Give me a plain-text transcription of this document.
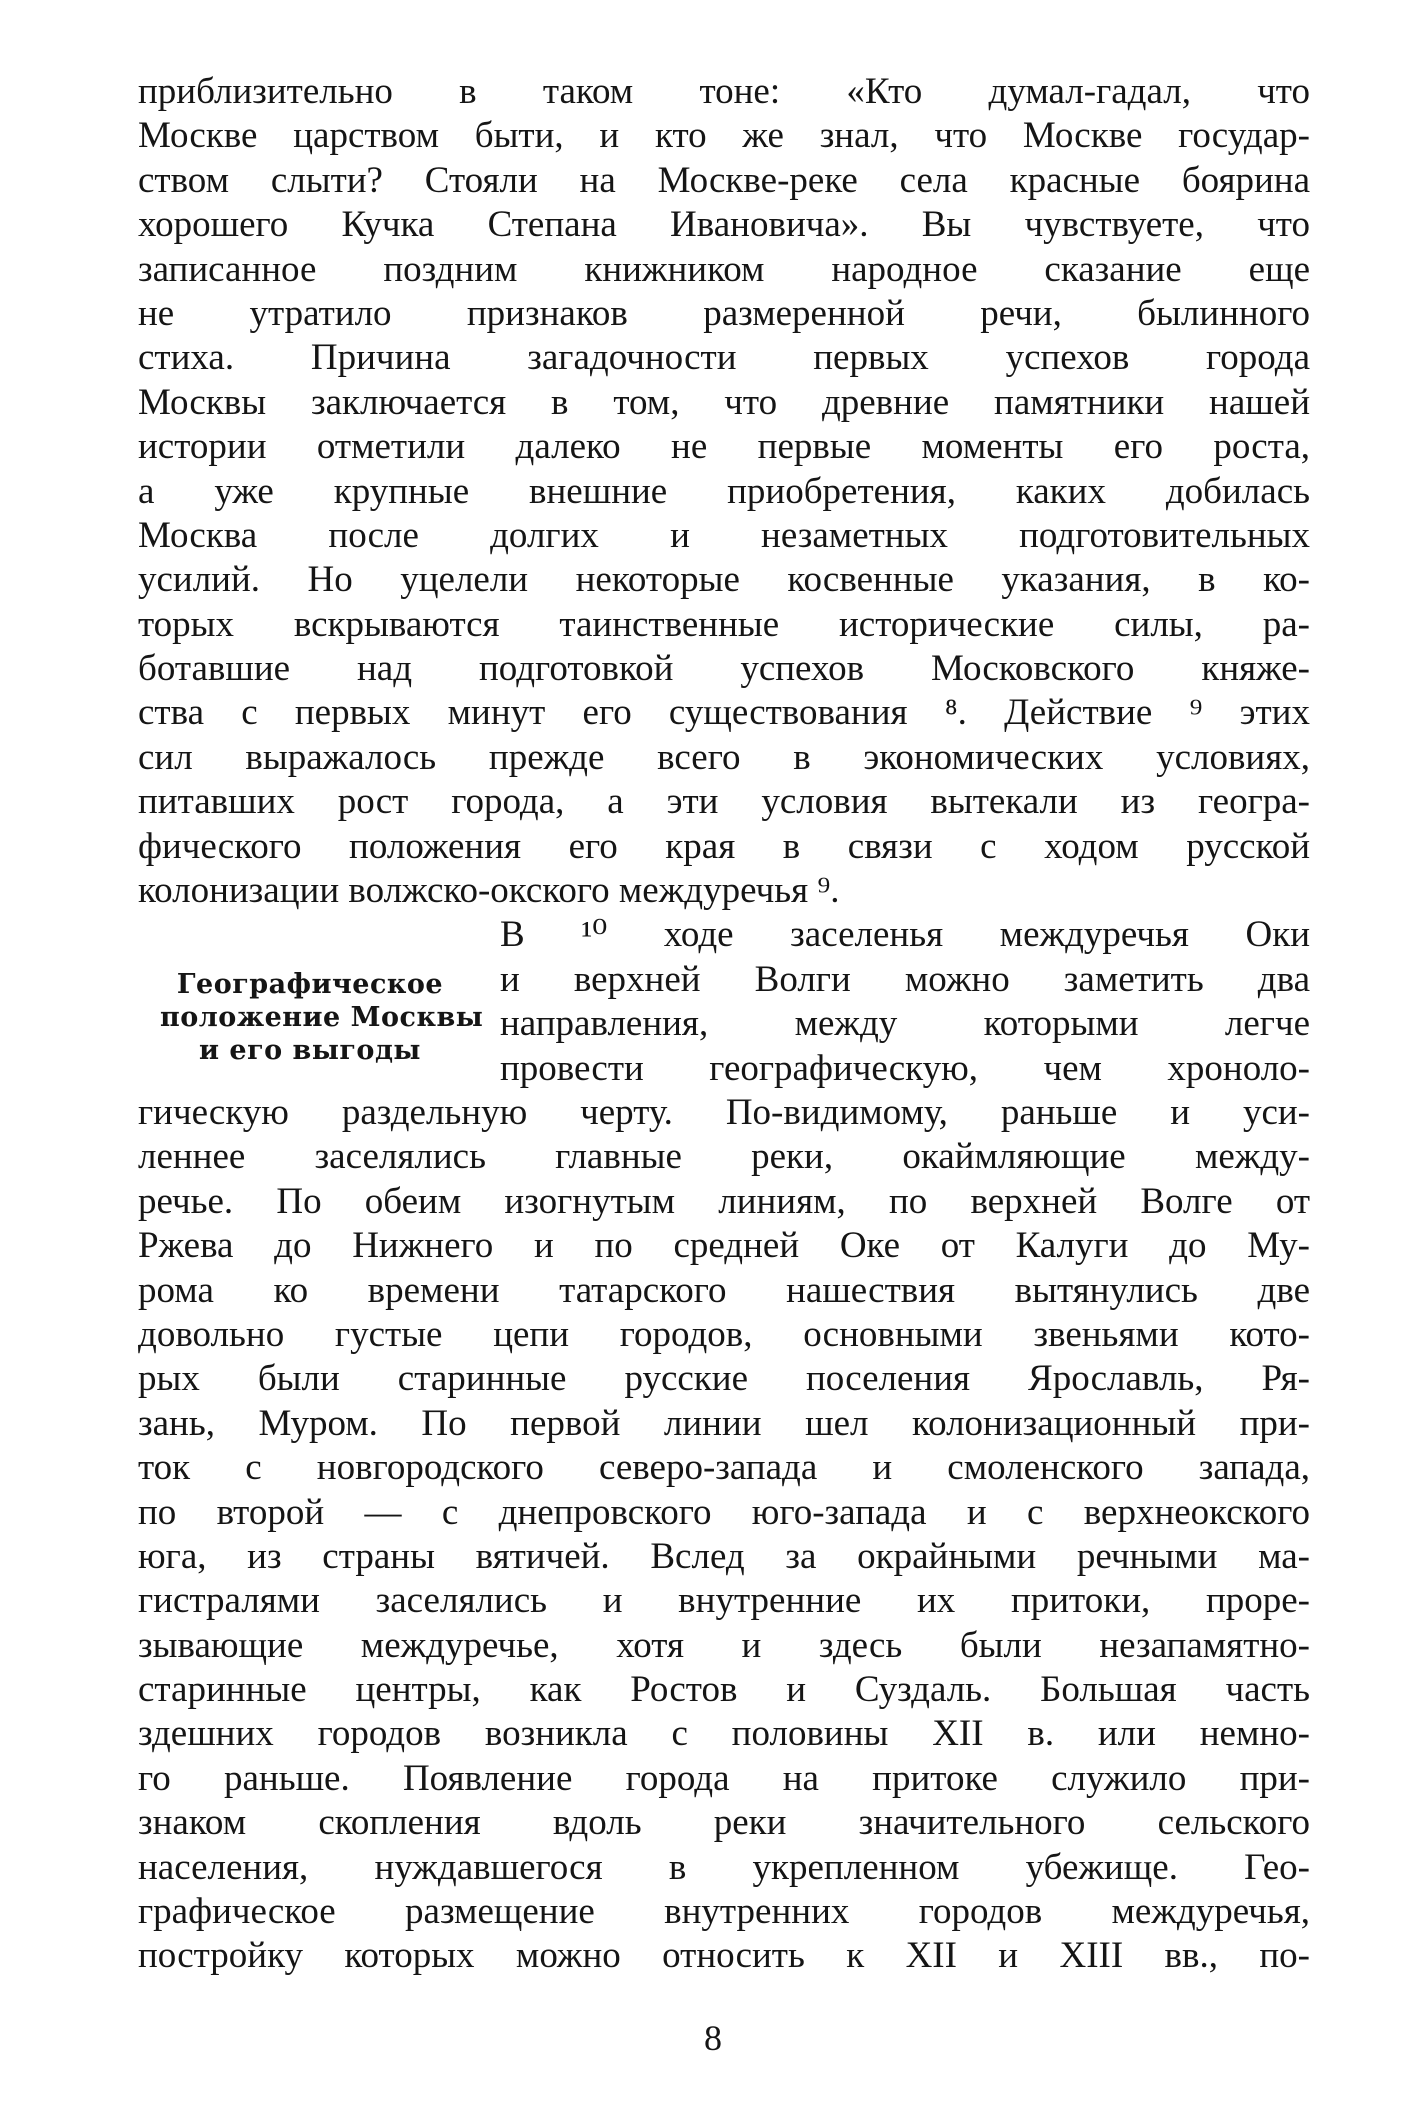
приблизительно в таком тоне: «Кто думал-гадал, что
Москве царством быти, и кто же знал, что Москве государ-
ством слыти? Стояли на Москве-реке села красные боярина
хорошего Кучка Степана Ивановича». Вы чувствуете, что
записанное поздним книжником народное сказание еще
не утратило признаков размеренной речи, былинного
стиха. Причина загадочности первых успехов города
Москвы заключается в том, что древние памятники нашей
истории отметили далеко не первые моменты его роста,
а уже крупные внешние приобретения, каких добилась
Москва после долгих и незаметных подготовительных
усилий. Но уцелели некоторые косвенные указания, в ко-
торых вскрываются таинственные исторические силы, ра-
ботавшие над подготовкой успехов Московского княже-
ства с первых минут его существования ⁸. Действие ⁹ этих
сил выражалось прежде всего в экономических условиях,
питавших рост города, а эти условия вытекали из геогра-
фического положения его края в связи с ходом русской
колонизации волжско-окского междуречья ⁹.
В ¹⁰ ходе заселенья междуречья Оки
и верхней Волги можно заметить два
направления, между которыми легче
провести географическую, чем хроноло-
гическую раздельную черту. По-видимому, раньше и уси-
леннее заселялись главные реки, окаймляющие между-
речье. По обеим изогнутым линиям, по верхней Волге от
Ржева до Нижнего и по средней Оке от Калуги до Му-
рома ко времени татарского нашествия вытянулись две
довольно густые цепи городов, основными звеньями кото-
рых были старинные русские поселения Ярославль, Ря-
зань, Муром. По первой линии шел колонизационный при-
ток с новгородского северо-запада и смоленского запада,
по второй — с днепровского юго-запада и с верхнеокского
юга, из страны вятичей. Вслед за окрайными речными ма-
гистралями заселялись и внутренние их притоки, проре-
зывающие междуречье, хотя и здесь были незапамятно-
старинные центры, как Ростов и Суздаль. Большая часть
здешних городов возникла с половины XII в. или немно-
го раньше. Появление города на притоке служило при-
знаком скопления вдоль реки значительного сельского
населения, нуждавшегося в укрепленном убежище. Гео-
графическое размещение внутренних городов междуречья,
постройку которых можно относить к XII и XIII вв., по-
Географическое
положение Москвы
и его выгоды
8
